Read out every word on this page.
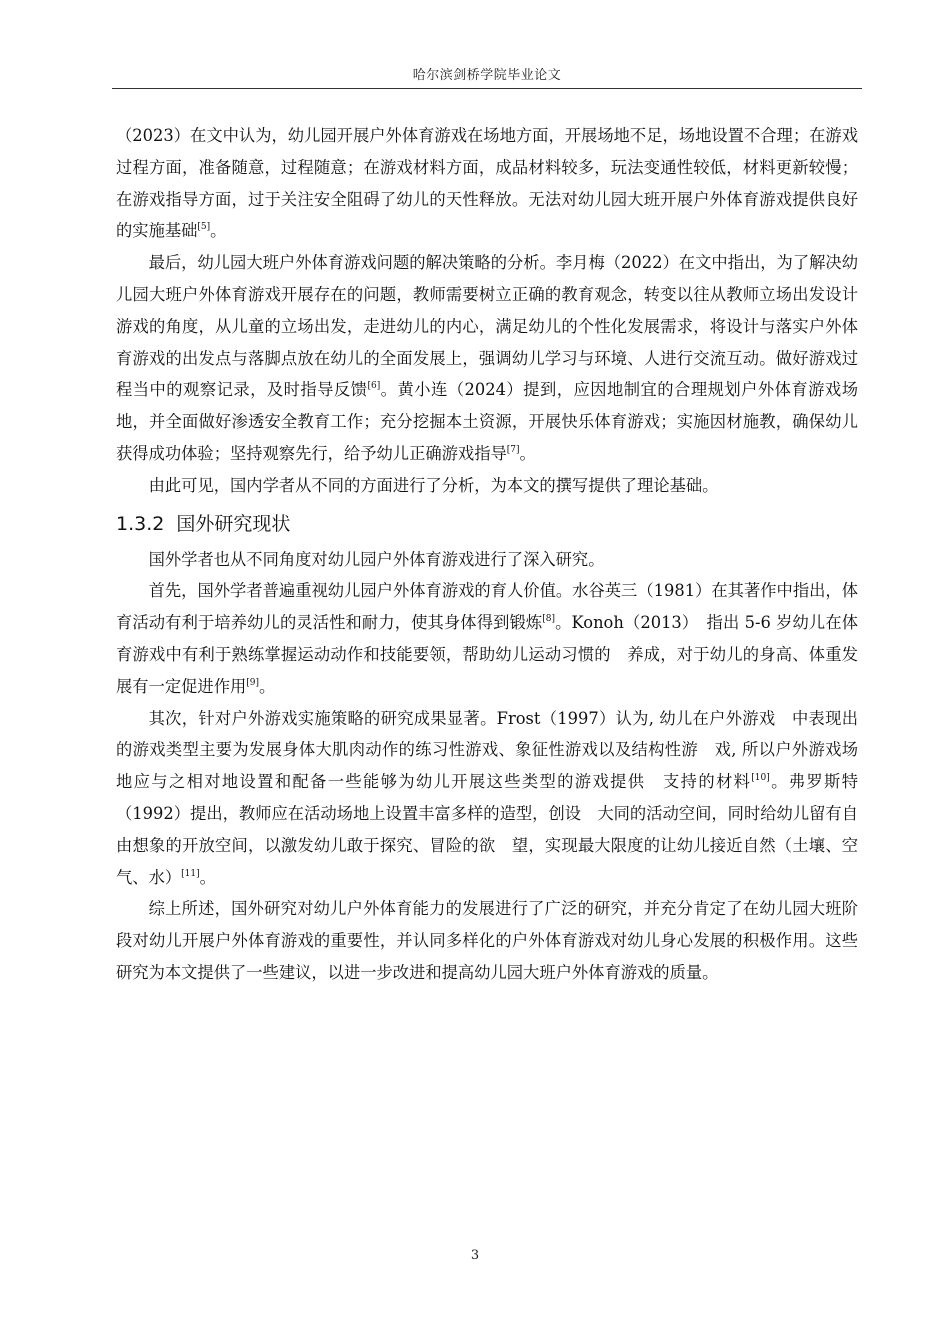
哈尔滨剑桥学院毕业论文

（2023）在文中认为，幼儿园开展户外体育游戏在场地方面，开展场地不足，场地设置不合理；在游戏过程方面，准备随意，过程随意；在游戏材料方面，成品材料较多，玩法变通性较低，材料更新较慢；在游戏指导方面，过于关注安全阻碍了幼儿的天性释放。无法对幼儿园大班开展户外体育游戏提供良好的实施基础[5]。

最后，幼儿园大班户外体育游戏问题的解决策略的分析。李月梅（2022）在文中指出，为了解决幼儿园大班户外体育游戏开展存在的问题，教师需要树立正确的教育观念，转变以往从教师立场出发设计游戏的角度，从儿童的立场出发，走进幼儿的内心，满足幼儿的个性化发展需求，将设计与落实户外体育游戏的出发点与落脚点放在幼儿的全面发展上，强调幼儿学习与环境、人进行交流互动。做好游戏过程当中的观察记录，及时指导反馈[6]。黄小连（2024）提到，应因地制宜的合理规划户外体育游戏场地，并全面做好渗透安全教育工作；充分挖掘本土资源，开展快乐体育游戏；实施因材施教，确保幼儿获得成功体验；坚持观察先行，给予幼儿正确游戏指导[7]。

由此可见，国内学者从不同的方面进行了分析，为本文的撰写提供了理论基础。

1.3.2 国外研究现状

国外学者也从不同角度对幼儿园户外体育游戏进行了深入研究。

首先，国外学者普遍重视幼儿园户外体育游戏的育人价值。水谷英三（1981）在其著作中指出，体育活动有利于培养幼儿的灵活性和耐力，使其身体得到锻炼[8]。Konoh（2013）　指出 5-6 岁幼儿在体育游戏中有利于熟练掌握运动动作和技能要领，帮助幼儿运动习惯的　养成，对于幼儿的身高、体重发展有一定促进作用[9]。

其次，针对户外游戏实施策略的研究成果显著。Frost（1997）认为, 幼儿在户外游戏　中表现出的游戏类型主要为发展身体大肌肉动作的练习性游戏、象征性游戏以及结构性游　戏, 所以户外游戏场地应与之相对地设置和配备一些能够为幼儿开展这些类型的游戏提供　支持的材料[10]。弗罗斯特（1992）提出，教师应在活动场地上设置丰富多样的造型，创设　大同的活动空间，同时给幼儿留有自由想象的开放空间，以激发幼儿敢于探究、冒险的欲　望，实现最大限度的让幼儿接近自然（土壤、空气、水）[11]。

综上所述，国外研究对幼儿户外体育能力的发展进行了广泛的研究，并充分肯定了在幼儿园大班阶段对幼儿开展户外体育游戏的重要性，并认同多样化的户外体育游戏对幼儿身心发展的积极作用。这些研究为本文提供了一些建议，以进一步改进和提高幼儿园大班户外体育游戏的质量。

3
